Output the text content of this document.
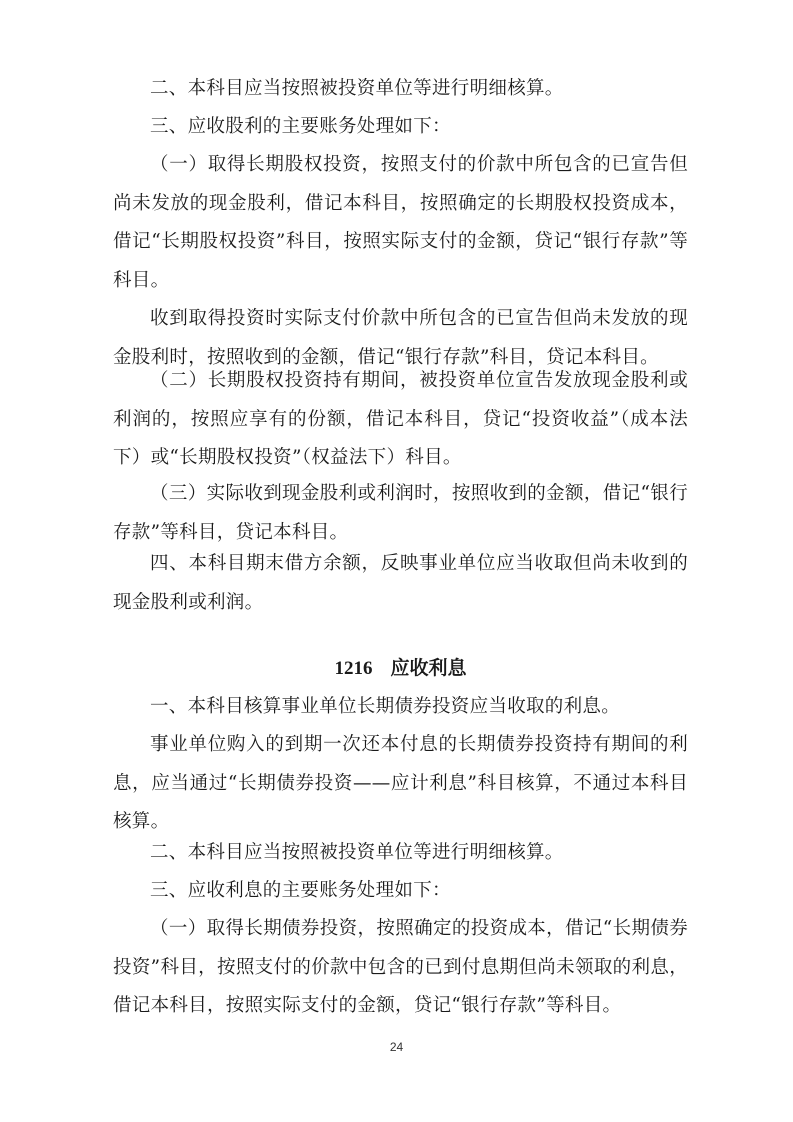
二、本科目应当按照被投资单位等进行明细核算。

三、应收股利的主要账务处理如下：

（一）取得长期股权投资，按照支付的价款中所包含的已宣告但尚未发放的现金股利，借记本科目，按照确定的长期股权投资成本，借记“长期股权投资”科目，按照实际支付的金额，贷记“银行存款”等科目。

收到取得投资时实际支付价款中所包含的已宣告但尚未发放的现金股利时，按照收到的金额，借记“银行存款”科目，贷记本科目。

（二）长期股权投资持有期间，被投资单位宣告发放现金股利或利润的，按照应享有的份额，借记本科目，贷记“投资收益”（成本法下）或“长期股权投资”（权益法下）科目。

（三）实际收到现金股利或利润时，按照收到的金额，借记“银行存款”等科目，贷记本科目。

四、本科目期末借方余额，反映事业单位应当收取但尚未收到的现金股利或利润。

1216 应收利息

一、本科目核算事业单位长期债券投资应当收取的利息。

事业单位购入的到期一次还本付息的长期债券投资持有期间的利息，应当通过“长期债券投资——应计利息”科目核算，不通过本科目核算。

二、本科目应当按照被投资单位等进行明细核算。

三、应收利息的主要账务处理如下：

（一）取得长期债券投资，按照确定的投资成本，借记“长期债券投资”科目，按照支付的价款中包含的已到付息期但尚未领取的利息，借记本科目，按照实际支付的金额，贷记“银行存款”等科目。

24
